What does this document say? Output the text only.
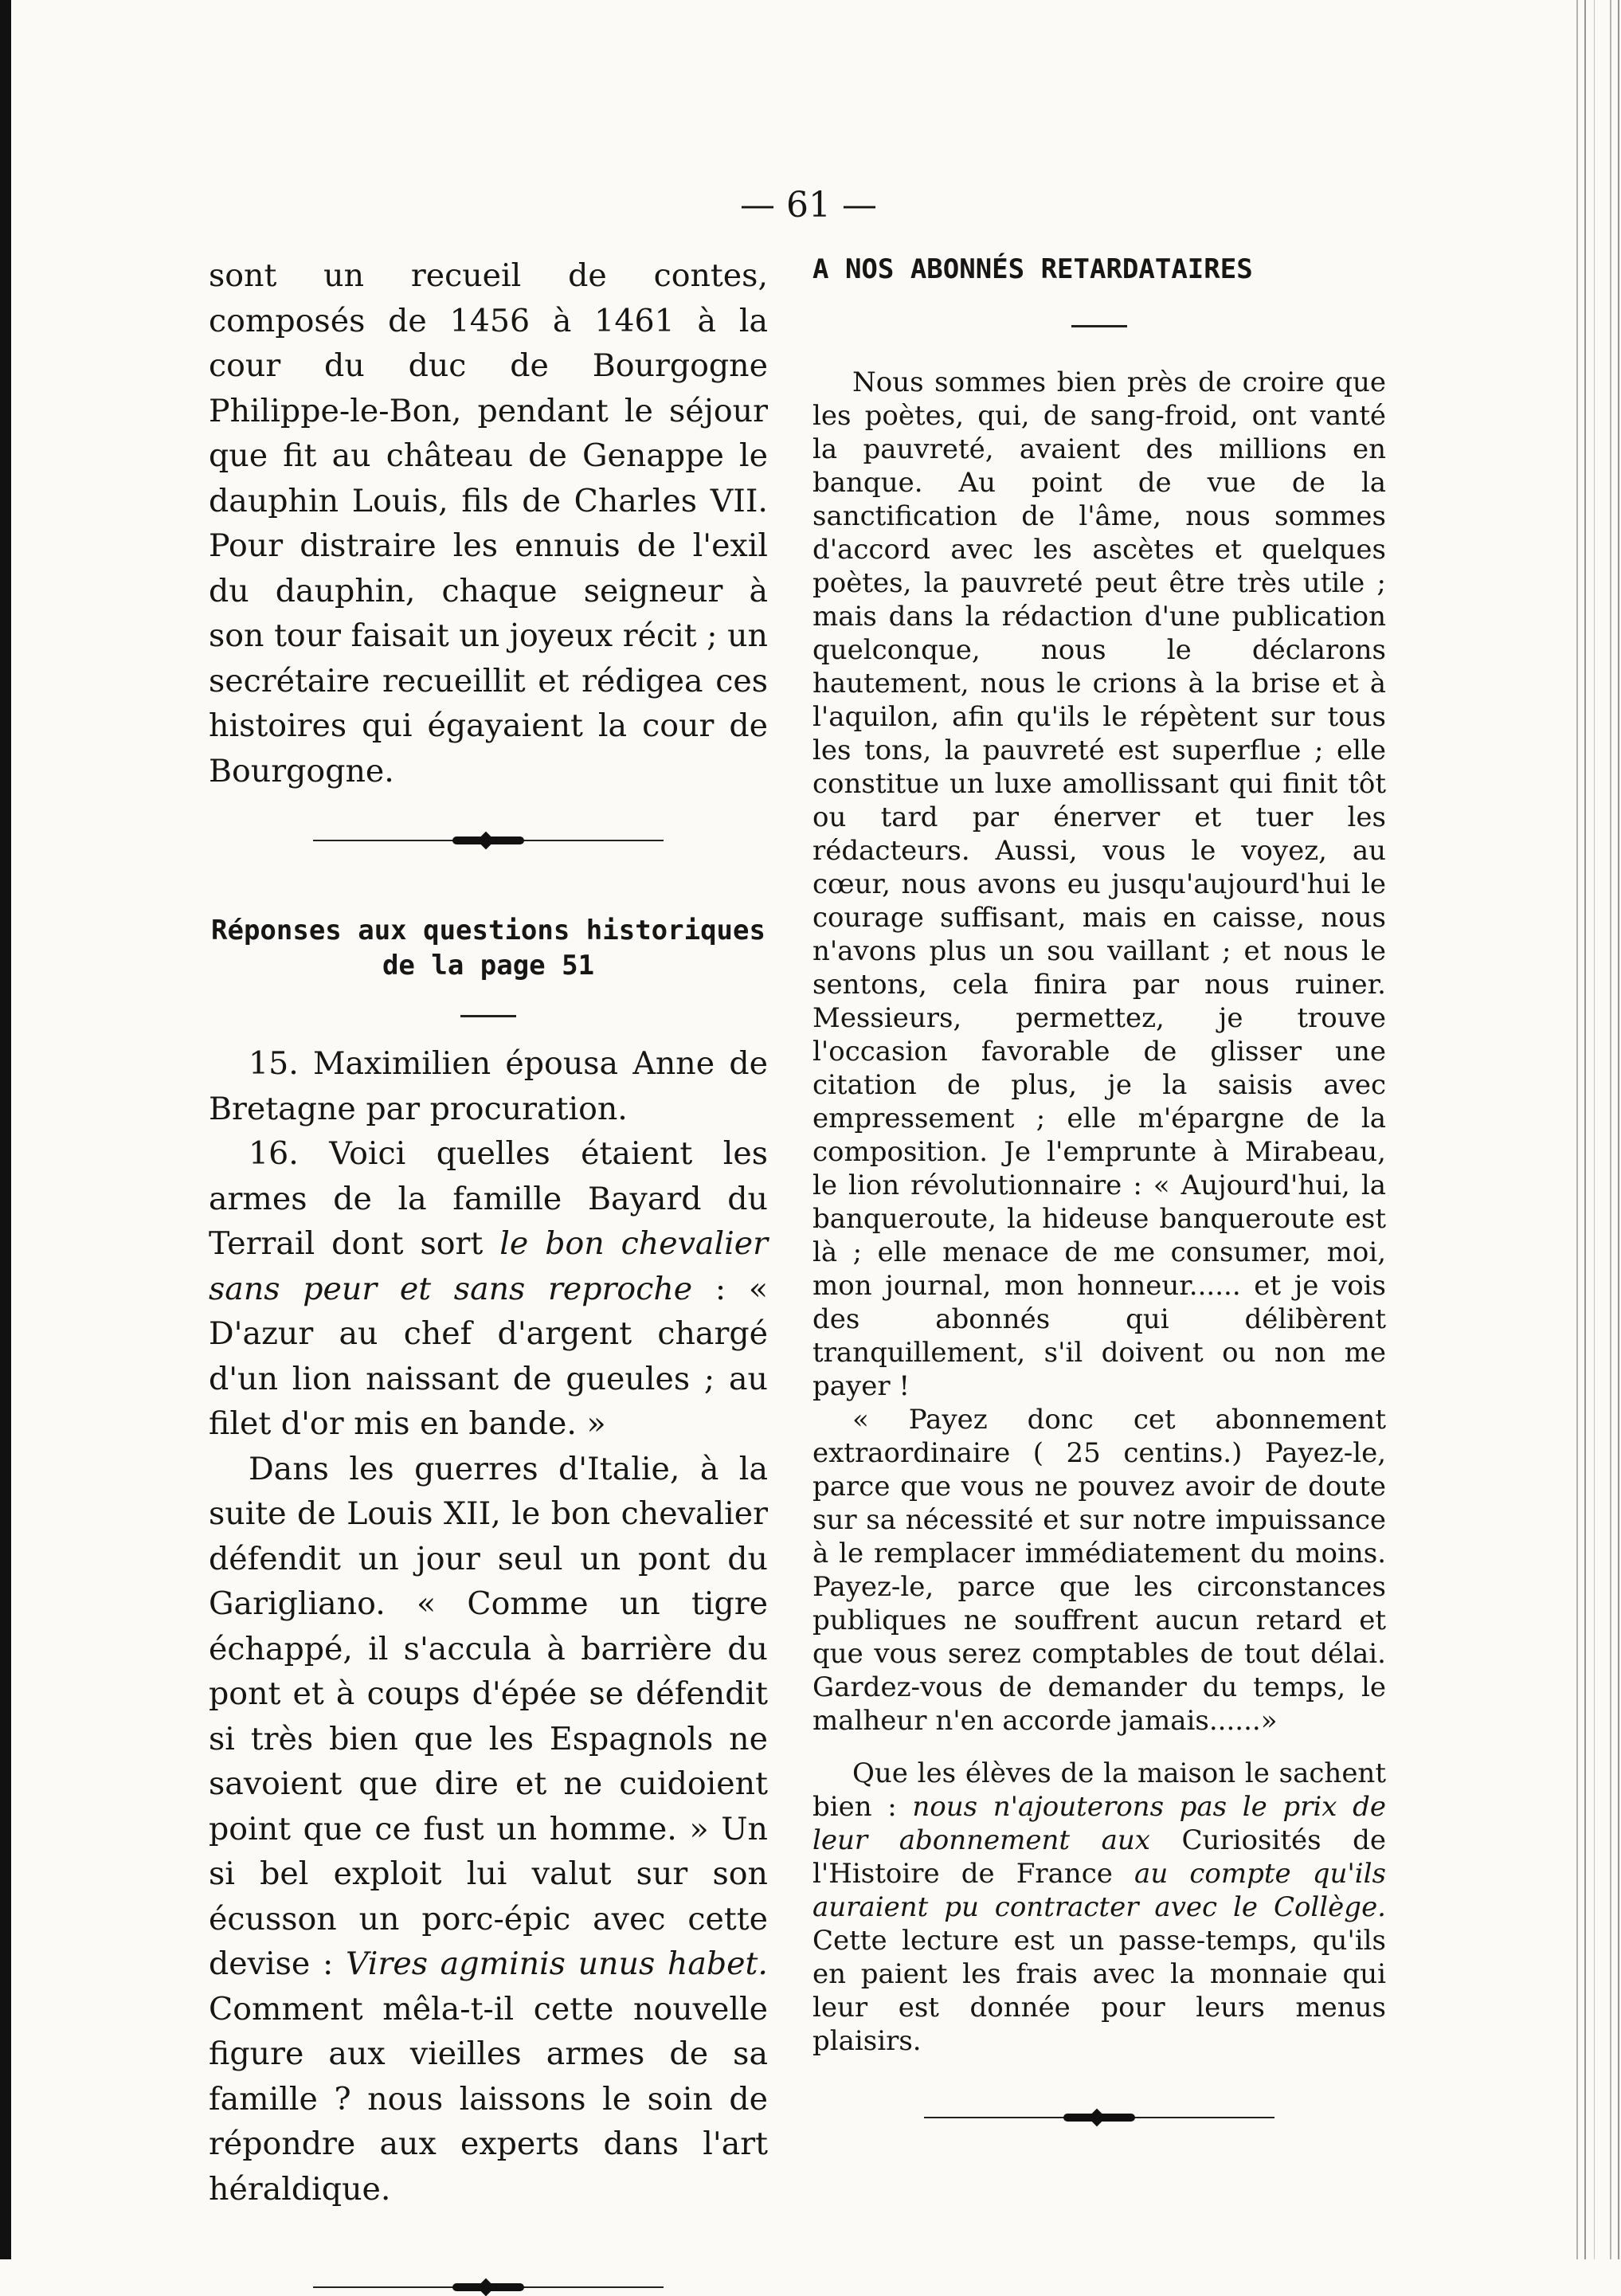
— 61 —

sont un recueil de contes, composés de 1456 à 1461 à la cour du duc de Bourgogne Philippe-le-Bon, pendant le séjour que fit au château de Genappe le dauphin Louis, fils de Charles VII. Pour distraire les ennuis de l'exil du dauphin, chaque seigneur à son tour faisait un joyeux récit ; un secrétaire recueillit et rédigea ces histoires qui égayaient la cour de Bourgogne.

Réponses aux questions historiques de la page 51

15. Maximilien épousa Anne de Bretagne par procuration.

16. Voici quelles étaient les armes de la famille Bayard du Terrail dont sort le bon chevalier sans peur et sans reproche : « D'azur au chef d'argent chargé d'un lion naissant de gueules ; au filet d'or mis en bande. »

Dans les guerres d'Italie, à la suite de Louis XII, le bon chevalier défendit un jour seul un pont du Garigliano. « Comme un tigre échappé, il s'accula à barrière du pont et à coups d'épée se défendit si très bien que les Espagnols ne savoient que dire et ne cuidoient point que ce fust un homme. » Un si bel exploit lui valut sur son écusson un porc-épic avec cette devise : Vires agminis unus habet. Comment mêla-t-il cette nouvelle figure aux vieilles armes de sa famille ? nous laissons le soin de répondre aux experts dans l'art héraldique.

A NOS ABONNÉS RETARDATAIRES

Nous sommes bien près de croire que les poètes, qui, de sang-froid, ont vanté la pauvreté, avaient des millions en banque. Au point de vue de la sanctification de l'âme, nous sommes d'accord avec les ascètes et quelques poètes, la pauvreté peut être très utile ; mais dans la rédaction d'une publication quelconque, nous le déclarons hautement, nous le crions à la brise et à l'aquilon, afin qu'ils le répètent sur tous les tons, la pauvreté est superflue ; elle constitue un luxe amollissant qui finit tôt ou tard par énerver et tuer les rédacteurs. Aussi, vous le voyez, au cœur, nous avons eu jusqu'aujourd'hui le courage suffisant, mais en caisse, nous n'avons plus un sou vaillant ; et nous le sentons, cela finira par nous ruiner. Messieurs, permettez, je trouve l'occasion favorable de glisser une citation de plus, je la saisis avec empressement ; elle m'épargne de la composition. Je l'emprunte à Mirabeau, le lion révolutionnaire : « Aujourd'hui, la banqueroute, la hideuse banqueroute est là ; elle menace de me consumer, moi, mon journal, mon honneur...... et je vois des abonnés qui délibèrent tranquillement, s'il doivent ou non me payer !

« Payez donc cet abonnement extraordinaire ( 25 centins.) Payez-le, parce que vous ne pouvez avoir de doute sur sa nécessité et sur notre impuissance à le remplacer immédiatement du moins. Payez-le, parce que les circonstances publiques ne souffrent aucun retard et que vous serez comptables de tout délai. Gardez-vous de demander du temps, le malheur n'en accorde jamais......»

Que les élèves de la maison le sachent bien : nous n'ajouterons pas le prix de leur abonnement aux Curiosités de l'Histoire de France au compte qu'ils auraient pu contracter avec le Collège. Cette lecture est un passe-temps, qu'ils en paient les frais avec la monnaie qui leur est donnée pour leurs menus plaisirs.
